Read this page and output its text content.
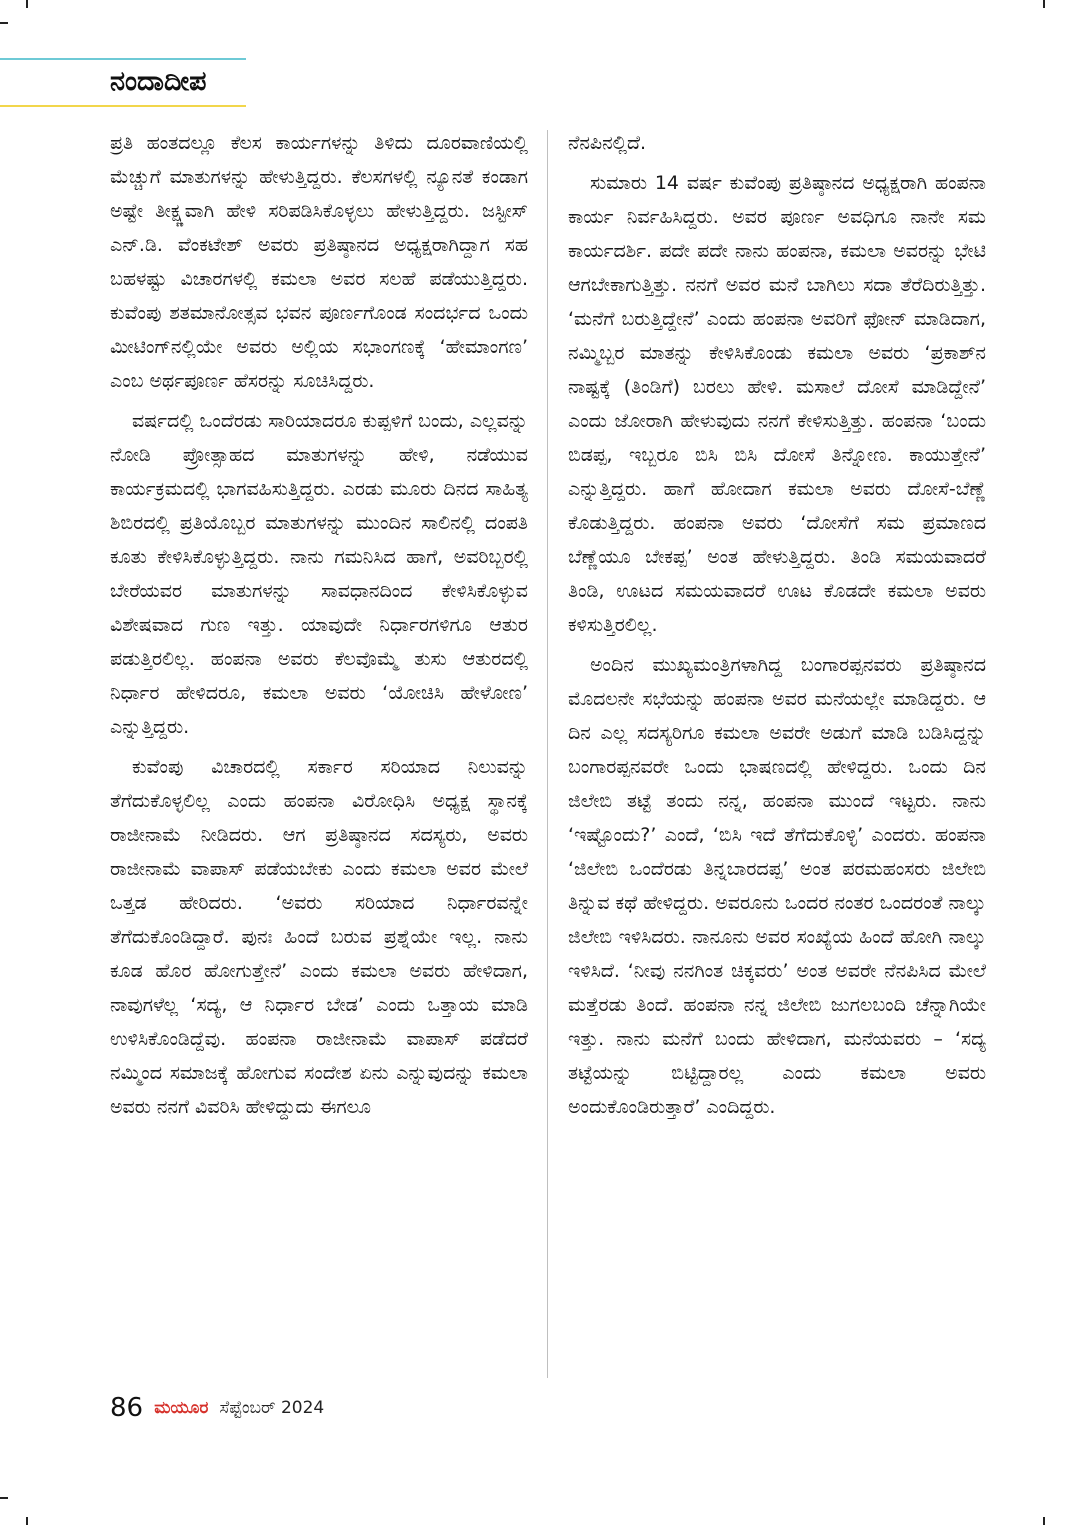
ನಂದಾದೀಪ

ಪ್ರತಿ ಹಂತದಲ್ಲೂ ಕೆಲಸ ಕಾರ್ಯಗಳನ್ನು ತಿಳಿದು ದೂರವಾಣಿಯಲ್ಲಿ ಮೆಚ್ಚುಗೆ ಮಾತುಗಳನ್ನು ಹೇಳುತ್ತಿದ್ದರು. ಕೆಲಸಗಳಲ್ಲಿ ನ್ಯೂನತೆ ಕಂಡಾಗ ಅಷ್ಟೇ ತೀಕ್ಷ್ಣವಾಗಿ ಹೇಳಿ ಸರಿಪಡಿಸಿಕೊಳ್ಳಲು ಹೇಳುತ್ತಿದ್ದರು. ಜಸ್ಟೀಸ್ ಎನ್.ಡಿ. ವೆಂಕಟೇಶ್ ಅವರು ಪ್ರತಿಷ್ಠಾನದ ಅಧ್ಯಕ್ಷರಾಗಿದ್ದಾಗ ಸಹ ಬಹಳಷ್ಟು ವಿಚಾರಗಳಲ್ಲಿ ಕಮಲಾ ಅವರ ಸಲಹೆ ಪಡೆಯುತ್ತಿದ್ದರು. ಕುವೆಂಪು ಶತಮಾನೋತ್ಸವ ಭವನ ಪೂರ್ಣಗೊಂಡ ಸಂದರ್ಭದ ಒಂದು ಮೀಟಿಂಗ್‌ನಲ್ಲಿಯೇ ಅವರು ಅಲ್ಲಿಯ ಸಭಾಂಗಣಕ್ಕೆ ‘ಹೇಮಾಂಗಣ’ ಎಂಬ ಅರ್ಥಪೂರ್ಣ ಹೆಸರನ್ನು ಸೂಚಿಸಿದ್ದರು.

ವರ್ಷದಲ್ಲಿ ಒಂದೆರಡು ಸಾರಿಯಾದರೂ ಕುಪ್ಪಳಿಗೆ ಬಂದು, ಎಲ್ಲವನ್ನು ನೋಡಿ ಪ್ರೋತ್ಸಾಹದ ಮಾತುಗಳನ್ನು ಹೇಳಿ, ನಡೆಯುವ ಕಾರ್ಯಕ್ರಮದಲ್ಲಿ ಭಾಗವಹಿಸುತ್ತಿದ್ದರು. ಎರಡು ಮೂರು ದಿನದ ಸಾಹಿತ್ಯ ಶಿಬಿರದಲ್ಲಿ ಪ್ರತಿಯೊಬ್ಬರ ಮಾತುಗಳನ್ನು ಮುಂದಿನ ಸಾಲಿನಲ್ಲಿ ದಂಪತಿ ಕೂತು ಕೇಳಿಸಿಕೊಳ್ಳುತ್ತಿದ್ದರು. ನಾನು ಗಮನಿಸಿದ ಹಾಗೆ, ಅವರಿಬ್ಬರಲ್ಲಿ ಬೇರೆಯವರ ಮಾತುಗಳನ್ನು ಸಾವಧಾನದಿಂದ ಕೇಳಿಸಿಕೊಳ್ಳುವ ವಿಶೇಷವಾದ ಗುಣ ಇತ್ತು. ಯಾವುದೇ ನಿರ್ಧಾರಗಳಿಗೂ ಆತುರ ಪಡುತ್ತಿರಲಿಲ್ಲ. ಹಂಪನಾ ಅವರು ಕೆಲವೊಮ್ಮೆ ತುಸು ಆತುರದಲ್ಲಿ ನಿರ್ಧಾರ ಹೇಳಿದರೂ, ಕಮಲಾ ಅವರು ‘ಯೋಚಿಸಿ ಹೇಳೋಣ’ ಎನ್ನುತ್ತಿದ್ದರು.

ಕುವೆಂಪು ವಿಚಾರದಲ್ಲಿ ಸರ್ಕಾರ ಸರಿಯಾದ ನಿಲುವನ್ನು ತೆಗೆದುಕೊಳ್ಳಲಿಲ್ಲ ಎಂದು ಹಂಪನಾ ವಿರೋಧಿಸಿ ಅಧ್ಯಕ್ಷ ಸ್ಥಾನಕ್ಕೆ ರಾಜೀನಾಮೆ ನೀಡಿದರು. ಆಗ ಪ್ರತಿಷ್ಠಾನದ ಸದಸ್ಯರು, ಅವರು ರಾಜೀನಾಮೆ ವಾಪಾಸ್ ಪಡೆಯಬೇಕು ಎಂದು ಕಮಲಾ ಅವರ ಮೇಲೆ ಒತ್ತಡ ಹೇರಿದರು. ‘ಅವರು ಸರಿಯಾದ ನಿರ್ಧಾರವನ್ನೇ ತೆಗೆದುಕೊಂಡಿದ್ದಾರೆ. ಪುನಃ ಹಿಂದೆ ಬರುವ ಪ್ರಶ್ನೆಯೇ ಇಲ್ಲ. ನಾನು ಕೂಡ ಹೊರ ಹೋಗುತ್ತೇನೆ’ ಎಂದು ಕಮಲಾ ಅವರು ಹೇಳಿದಾಗ, ನಾವುಗಳೆಲ್ಲ ‘ಸದ್ಯ, ಆ ನಿರ್ಧಾರ ಬೇಡ’ ಎಂದು ಒತ್ತಾಯ ಮಾಡಿ ಉಳಿಸಿಕೊಂಡಿದ್ದೆವು. ಹಂಪನಾ ರಾಜೀನಾಮೆ ವಾಪಾಸ್ ಪಡೆದರೆ ನಮ್ಮಿಂದ ಸಮಾಜಕ್ಕೆ ಹೋಗುವ ಸಂದೇಶ ಏನು ಎನ್ನುವುದನ್ನು ಕಮಲಾ ಅವರು ನನಗೆ ವಿವರಿಸಿ ಹೇಳಿದ್ದುದು ಈಗಲೂ

ನೆನಪಿನಲ್ಲಿದೆ.

ಸುಮಾರು 14 ವರ್ಷ ಕುವೆಂಪು ಪ್ರತಿಷ್ಠಾನದ ಅಧ್ಯಕ್ಷರಾಗಿ ಹಂಪನಾ ಕಾರ್ಯ ನಿರ್ವಹಿಸಿದ್ದರು. ಅವರ ಪೂರ್ಣ ಅವಧಿಗೂ ನಾನೇ ಸಮ ಕಾರ್ಯದರ್ಶಿ. ಪದೇ ಪದೇ ನಾನು ಹಂಪನಾ, ಕಮಲಾ ಅವರನ್ನು ಭೇಟಿ ಆಗಬೇಕಾಗುತ್ತಿತ್ತು. ನನಗೆ ಅವರ ಮನೆ ಬಾಗಿಲು ಸದಾ ತೆರೆದಿರುತ್ತಿತ್ತು. ‘ಮನೆಗೆ ಬರುತ್ತಿದ್ದೇನೆ’ ಎಂದು ಹಂಪನಾ ಅವರಿಗೆ ಫೋನ್ ಮಾಡಿದಾಗ, ನಮ್ಮಿಬ್ಬರ ಮಾತನ್ನು ಕೇಳಿಸಿಕೊಂಡು ಕಮಲಾ ಅವರು ‘ಪ್ರಕಾಶ್‌ನ ನಾಷ್ಟಕ್ಕೆ (ತಿಂಡಿಗೆ) ಬರಲು ಹೇಳಿ. ಮಸಾಲೆ ದೋಸೆ ಮಾಡಿದ್ದೇನೆ’ ಎಂದು ಜೋರಾಗಿ ಹೇಳುವುದು ನನಗೆ ಕೇಳಿಸುತ್ತಿತ್ತು. ಹಂಪನಾ ‘ಬಂದು ಬಿಡಪ್ಪ, ಇಬ್ಬರೂ ಬಿಸಿ ಬಿಸಿ ದೋಸೆ ತಿನ್ನೋಣ. ಕಾಯುತ್ತೇನೆ’ ಎನ್ನುತ್ತಿದ್ದರು. ಹಾಗೆ ಹೋದಾಗ ಕಮಲಾ ಅವರು ದೋಸೆ-ಬೆಣ್ಣೆ ಕೊಡುತ್ತಿದ್ದರು. ಹಂಪನಾ ಅವರು ‘ದೋಸೆಗೆ ಸಮ ಪ್ರಮಾಣದ ಬೆಣ್ಣೆಯೂ ಬೇಕಪ್ಪ’ ಅಂತ ಹೇಳುತ್ತಿದ್ದರು. ತಿಂಡಿ ಸಮಯವಾದರೆ ತಿಂಡಿ, ಊಟದ ಸಮಯವಾದರೆ ಊಟ ಕೊಡದೇ ಕಮಲಾ ಅವರು ಕಳಿಸುತ್ತಿರಲಿಲ್ಲ.

ಅಂದಿನ ಮುಖ್ಯಮಂತ್ರಿಗಳಾಗಿದ್ದ ಬಂಗಾರಪ್ಪನವರು ಪ್ರತಿಷ್ಠಾನದ ಮೊದಲನೇ ಸಭೆಯನ್ನು ಹಂಪನಾ ಅವರ ಮನೆಯಲ್ಲೇ ಮಾಡಿದ್ದರು. ಆ ದಿನ ಎಲ್ಲ ಸದಸ್ಯರಿಗೂ ಕಮಲಾ ಅವರೇ ಅಡುಗೆ ಮಾಡಿ ಬಡಿಸಿದ್ದನ್ನು ಬಂಗಾರಪ್ಪನವರೇ ಒಂದು ಭಾಷಣದಲ್ಲಿ ಹೇಳಿದ್ದರು. ಒಂದು ದಿನ ಜಿಲೇಬಿ ತಟ್ಟೆ ತಂದು ನನ್ನ, ಹಂಪನಾ ಮುಂದೆ ಇಟ್ಟರು. ನಾನು ‘ಇಷ್ಟೊಂದು?’ ಎಂದೆ, ‘ಬಿಸಿ ಇದೆ ತೆಗೆದುಕೊಳ್ಳಿ’ ಎಂದರು. ಹಂಪನಾ ‘ಜಿಲೇಬಿ ಒಂದೆರಡು ತಿನ್ನಬಾರದಪ್ಪ’ ಅಂತ ಪರಮಹಂಸರು ಜಿಲೇಬಿ ತಿನ್ನುವ ಕಥೆ ಹೇಳಿದ್ದರು. ಅವರೂನು ಒಂದರ ನಂತರ ಒಂದರಂತೆ ನಾಲ್ಕು ಜಿಲೇಬಿ ಇಳಿಸಿದರು. ನಾನೂನು ಅವರ ಸಂಖ್ಯೆಯ ಹಿಂದೆ ಹೋಗಿ ನಾಲ್ಕು ಇಳಿಸಿದೆ. ‘ನೀವು ನನಗಿಂತ ಚಿಕ್ಕವರು’ ಅಂತ ಅವರೇ ನೆನಪಿಸಿದ ಮೇಲೆ ಮತ್ತೆರಡು ತಿಂದೆ. ಹಂಪನಾ ನನ್ನ ಜಿಲೇಬಿ ಜುಗಲಬಂದಿ ಚೆನ್ನಾಗಿಯೇ ಇತ್ತು. ನಾನು ಮನೆಗೆ ಬಂದು ಹೇಳಿದಾಗ, ಮನೆಯವರು – ‘ಸದ್ಯ ತಟ್ಟೆಯನ್ನು ಬಿಟ್ಟಿದ್ದಾರಲ್ಲ ಎಂದು ಕಮಲಾ ಅವರು ಅಂದುಕೊಂಡಿರುತ್ತಾರೆ’ ಎಂದಿದ್ದರು.

86 ಮಯೂರ ಸೆಪ್ಟೆಂಬರ್ 2024
